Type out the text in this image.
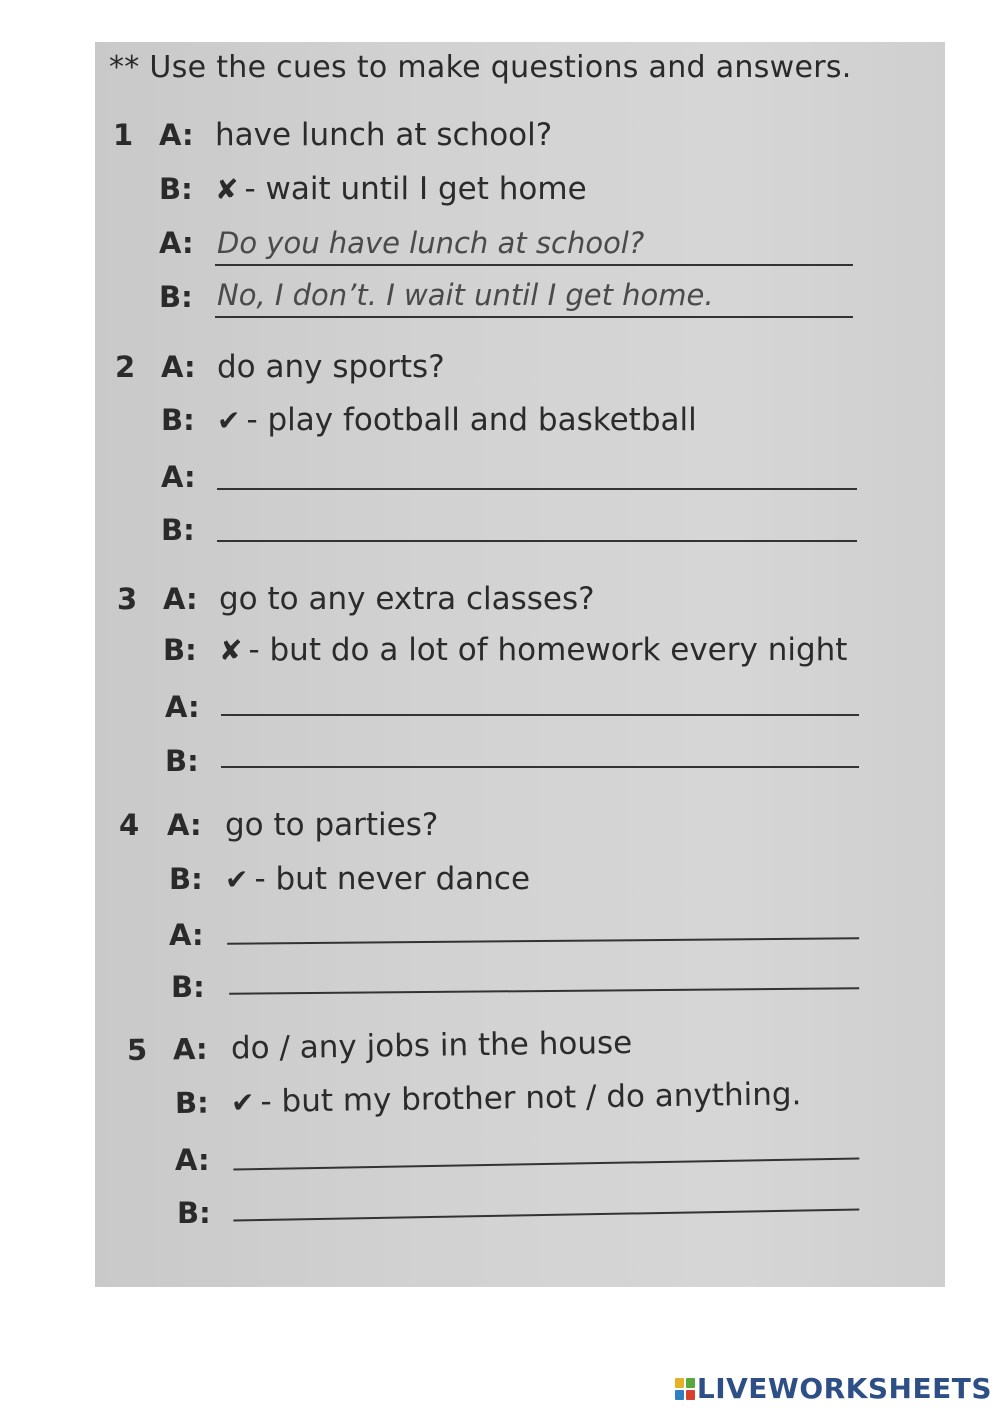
** Use the cues to make questions and answers.
1 A: have lunch at school?
B: ✘ - wait until I get home
A: Do you have lunch at school?
B: No, I don’t. I wait until I get home.
2 A: do any sports?
B: ✔ - play football and basketball
A:
B:
3 A: go to any extra classes?
B: ✘ - but do a lot of homework every night
A:
B:
4 A: go to parties?
B: ✔ - but never dance
A:
B:
5 A: do / any jobs in the house
B: ✔ - but my brother not / do anything.
A:
B:
LIVEWORKSHEETS
